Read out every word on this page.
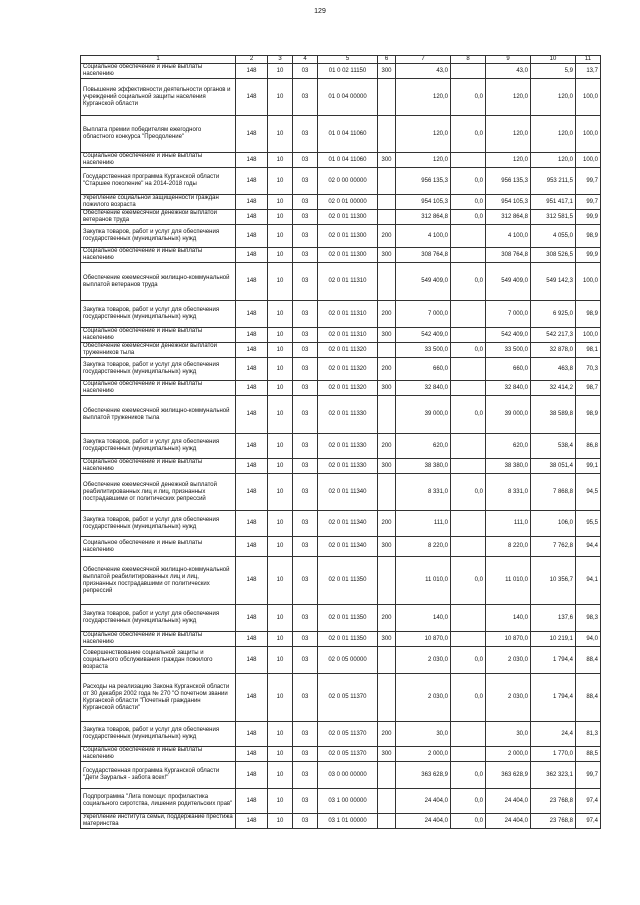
129
1	2	3	4	5	6	7	8	9	10	11
Социальное обеспечение и иные выплаты населению	148	10	03	01 0 02 11150	300	43,0		43,0	5,9	13,7
Повышение эффективности деятельности органов и учреждений социальной защиты населения Курганской области	148	10	03	01 0 04 00000		120,0	0,0	120,0	120,0	100,0
Выплата премии победителям ежегодного областного конкурса "Преодоление"	148	10	03	01 0 04 11060		120,0	0,0	120,0	120,0	100,0
Социальное обеспечение и иные выплаты населению	148	10	03	01 0 04 11060	300	120,0		120,0	120,0	100,0
Государственная программа Курганской области "Старшее поколение" на 2014-2018 годы	148	10	03	02 0 00 00000		956 135,3	0,0	956 135,3	953 211,5	99,7
Укрепление социальной защищенности граждан пожилого возраста	148	10	03	02 0 01 00000		954 105,3	0,0	954 105,3	951 417,1	99,7
Обеспечение ежемесячной денежной выплатой ветеранов труда	148	10	03	02 0 01 11300		312 864,8	0,0	312 864,8	312 581,5	99,9
Закупка товаров, работ и услуг для обеспечения государственных (муниципальных) нужд	148	10	03	02 0 01 11300	200	4 100,0		4 100,0	4 055,0	98,9
Социальное обеспечение и иные выплаты населению	148	10	03	02 0 01 11300	300	308 764,8		308 764,8	308 526,5	99,9
Обеспечение ежемесячной жилищно-коммунальной выплатой ветеранов труда	148	10	03	02 0 01 11310		549 409,0	0,0	549 409,0	549 142,3	100,0
Закупка товаров, работ и услуг для обеспечения государственных (муниципальных) нужд	148	10	03	02 0 01 11310	200	7 000,0		7 000,0	6 925,0	98,9
Социальное обеспечение и иные выплаты населению	148	10	03	02 0 01 11310	300	542 409,0		542 409,0	542 217,3	100,0
Обеспечение ежемесячной денежной выплатой труженников тыла	148	10	03	02 0 01 11320		33 500,0	0,0	33 500,0	32 878,0	98,1
Закупка товаров, работ и услуг для обеспечения государственных (муниципальных) нужд	148	10	03	02 0 01 11320	200	660,0		660,0	463,8	70,3
Социальное обеспечение и иные выплаты населению	148	10	03	02 0 01 11320	300	32 840,0		32 840,0	32 414,2	98,7
Обеспечение ежемесячной жилищно-коммунальной выплатой тружеников тыла	148	10	03	02 0 01 11330		39 000,0	0,0	39 000,0	38 589,8	98,9
Закупка товаров, работ и услуг для обеспечения государственных (муниципальных) нужд	148	10	03	02 0 01 11330	200	620,0		620,0	538,4	86,8
Социальное обеспечение и иные выплаты населению	148	10	03	02 0 01 11330	300	38 380,0		38 380,0	38 051,4	99,1
Обеспечение ежемесячной денежной выплатой реабилитированных лиц и лиц, признанных пострадавшими от политических репрессий	148	10	03	02 0 01 11340		8 331,0	0,0	8 331,0	7 868,8	94,5
Закупка товаров, работ и услуг для обеспечения государственных (муниципальных) нужд	148	10	03	02 0 01 11340	200	111,0		111,0	106,0	95,5
Социальное обеспечение и иные выплаты населению	148	10	03	02 0 01 11340	300	8 220,0		8 220,0	7 762,8	94,4
Обеспечение ежемесячной жилищно-коммунальной выплатой реабилитированных лиц и лиц, признанных пострадавшими от политических репрессий	148	10	03	02 0 01 11350		11 010,0	0,0	11 010,0	10 356,7	94,1
Закупка товаров, работ и услуг для обеспечения государственных (муниципальных) нужд	148	10	03	02 0 01 11350	200	140,0		140,0	137,6	98,3
Социальное обеспечение и иные выплаты населению	148	10	03	02 0 01 11350	300	10 870,0		10 870,0	10 219,1	94,0
Совершенствование социальной защиты и социального обслуживания граждан пожилого возраста	148	10	03	02 0 05 00000		2 030,0	0,0	2 030,0	1 794,4	88,4
Расходы на реализацию Закона Курганской области от 30 декабря 2002 года № 270 "О почетном звании Курганской области "Почетный гражданин Курганской области"	148	10	03	02 0 05 11370		2 030,0	0,0	2 030,0	1 794,4	88,4
Закупка товаров, работ и услуг для обеспечения государственных (муниципальных) нужд	148	10	03	02 0 05 11370	200	30,0		30,0	24,4	81,3
Социальное обеспечение и иные выплаты населению	148	10	03	02 0 05 11370	300	2 000,0		2 000,0	1 770,0	88,5
Государственная программа Курганской области "Дети Зауралья - забота всех!"	148	10	03	03 0 00 00000		363 628,9	0,0	363 628,9	362 323,1	99,7
Подпрограмма "Лига помощи: профилактика социального сиротства, лишения родительских прав"	148	10	03	03 1 00 00000		24 404,0	0,0	24 404,0	23 768,8	97,4
Укрепление института семьи, поддержание престижа материнства	148	10	03	03 1 01 00000		24 404,0	0,0	24 404,0	23 768,8	97,4
